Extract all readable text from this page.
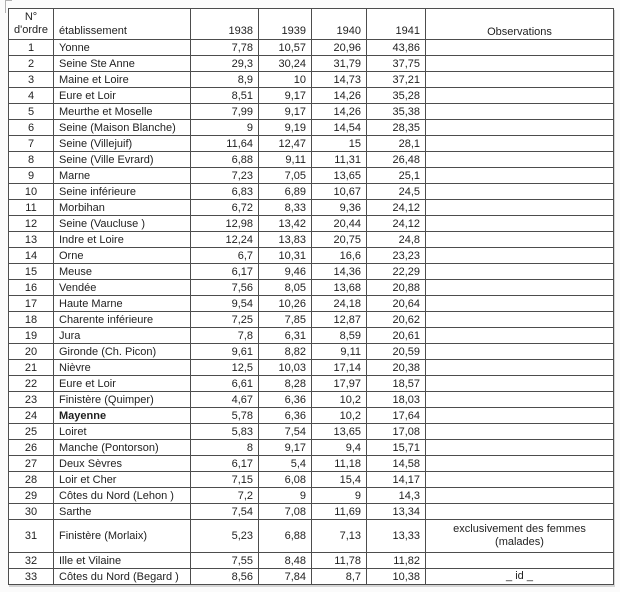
N°
d'ordre	établissement	1938	1939	1940	1941	Observations
1	Yonne	7,78	10,57	20,96	43,86	
2	Seine Ste Anne	29,3	30,24	31,79	37,75	
3	Maine et Loire	8,9	10	14,73	37,21	
4	Eure et Loir	8,51	9,17	14,26	35,28	
5	Meurthe et Moselle	7,99	9,17	14,26	35,38	
6	Seine (Maison Blanche)	9	9,19	14,54	28,35	
7	Seine (Villejuif)	11,64	12,47	15	28,1	
8	Seine (Ville Evrard)	6,88	9,11	11,31	26,48	
9	Marne	7,23	7,05	13,65	25,1	
10	Seine inférieure	6,83	6,89	10,67	24,5	
11	Morbihan	6,72	8,33	9,36	24,12	
12	Seine (Vaucluse )	12,98	13,42	20,44	24,12	
13	Indre et Loire	12,24	13,83	20,75	24,8	
14	Orne	6,7	10,31	16,6	23,23	
15	Meuse	6,17	9,46	14,36	22,29	
16	Vendée	7,56	8,05	13,68	20,88	
17	Haute Marne	9,54	10,26	24,18	20,64	
18	Charente inférieure	7,25	7,85	12,87	20,62	
19	Jura	7,8	6,31	8,59	20,61	
20	Gironde (Ch. Picon)	9,61	8,82	9,11	20,59	
21	Nièvre	12,5	10,03	17,14	20,38	
22	Eure et Loir	6,61	8,28	17,97	18,57	
23	Finistère (Quimper)	4,67	6,36	10,2	18,03	
24	Mayenne	5,78	6,36	10,2	17,64	
25	Loiret	5,83	7,54	13,65	17,08	
26	Manche (Pontorson)	8	9,17	9,4	15,71	
27	Deux Sèvres	6,17	5,4	11,18	14,58	
28	Loir et Cher	7,15	6,08	15,4	14,17	
29	Côtes du Nord (Lehon )	7,2	9	9	14,3	
30	Sarthe	7,54	7,08	11,69	13,34	
31	Finistère (Morlaix)	5,23	6,88	7,13	13,33	exclusivement des femmes (malades)
32	Ille et Vilaine	7,55	8,48	11,78	11,82	
33	Côtes du Nord (Begard )	8,56	7,84	8,7	10,38	_ id _
